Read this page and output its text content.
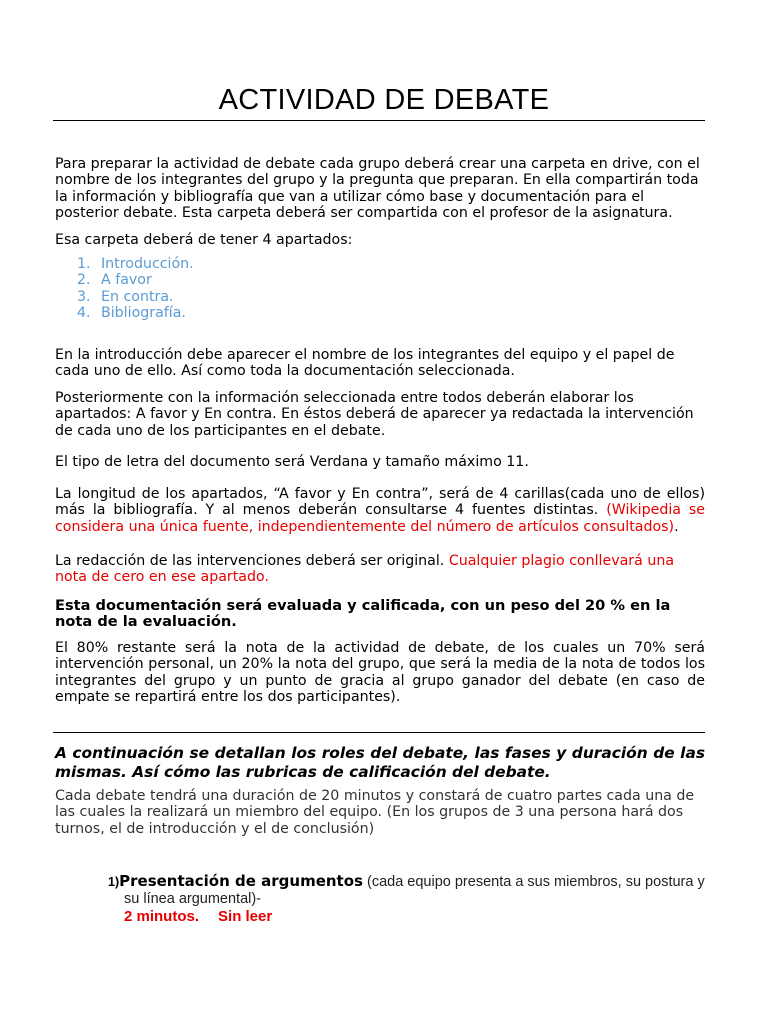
ACTIVIDAD DE DEBATE

Para preparar la actividad de debate cada grupo deberá crear una carpeta en drive, con el nombre de los integrantes del grupo y la pregunta que preparan. En ella compartirán toda la información y bibliografía que van a utilizar cómo base y documentación para el posterior debate. Esta carpeta deberá ser compartida con el profesor de la asignatura.

Esa carpeta deberá de tener 4 apartados:

1. Introducción.
2. A favor
3. En contra.
4. Bibliografía.

En la introducción debe aparecer el nombre de los integrantes del equipo y el papel de cada uno de ello. Así como toda la documentación seleccionada.

Posteriormente con la información seleccionada entre todos deberán elaborar los apartados: A favor y En contra. En éstos deberá de aparecer ya redactada la intervención de cada uno de los participantes en el debate.

El tipo de letra del documento será Verdana y tamaño máximo 11.

La longitud de los apartados, “A favor y En contra”, será de 4 carillas(cada uno de ellos) más la bibliografía. Y al menos deberán consultarse 4 fuentes distintas. (Wikipedia se considera una única fuente, independientemente del número de artículos consultados).

La redacción de las intervenciones deberá ser original. Cualquier plagio conllevará una nota de cero en ese apartado.

Esta documentación será evaluada y calificada, con un peso del 20 % en la nota de la evaluación.

El 80% restante será la nota de la actividad de debate, de los cuales un 70% será intervención personal, un 20% la nota del grupo, que será la media de la nota de todos los integrantes del grupo y un punto de gracia al grupo ganador del debate (en caso de empate se repartirá entre los dos participantes).

A continuación se detallan los roles del debate, las fases y duración de las mismas. Así cómo las rubricas de calificación del debate.

Cada debate tendrá una duración de 20 minutos y constará de cuatro partes cada una de las cuales la realizará un miembro del equipo. (En los grupos de 3 una persona hará dos turnos, el de introducción y el de conclusión)

1)Presentación de argumentos (cada equipo presenta a sus miembros, su postura y
su línea argumental)-
2 minutos. Sin leer
